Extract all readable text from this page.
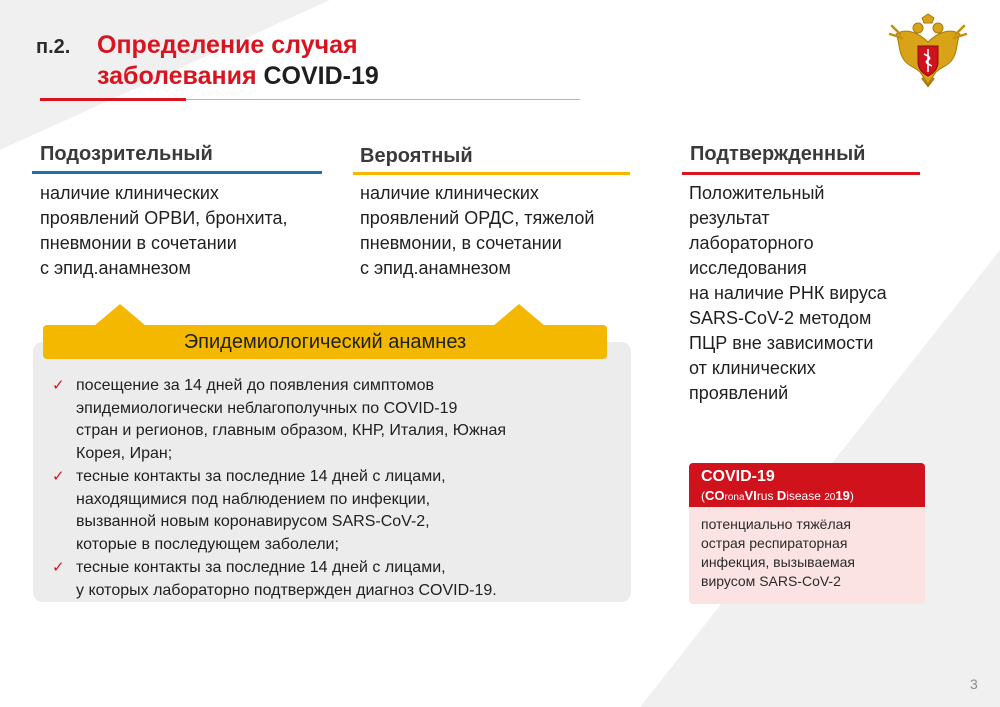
п.2. Определение случая
заболевания COVID-19
Подозрительный
наличие клинических
проявлений ОРВИ, бронхита,
пневмонии в сочетании
с эпид.анамнезом
Вероятный
наличие клинических
проявлений ОРДС, тяжелой
пневмонии, в сочетании
с эпид.анамнезом
Подтвержденный
Положительный
результат
лабораторного
исследования
на наличие РНК вируса
SARS-CoV-2 методом
ПЦР вне зависимости
от клинических
проявлений
Эпидемиологический анамнез
✓ посещение за 14 дней до появления симптомов
эпидемиологически неблагополучных по COVID-19
стран и регионов, главным образом, КНР, Италия, Южная
Корея, Иран;
✓ тесные контакты за последние 14 дней с лицами,
находящимися под наблюдением по инфекции,
вызванной новым коронавирусом SARS-CoV-2,
которые в последующем заболели;
✓ тесные контакты за последние 14 дней с лицами,
у которых лабораторно подтвержден диагноз COVID-19.
COVID-19
(COronaVIrus Disease 2019)
потенциально тяжёлая
острая респираторная
инфекция, вызываемая
вирусом SARS-CoV-2
3
